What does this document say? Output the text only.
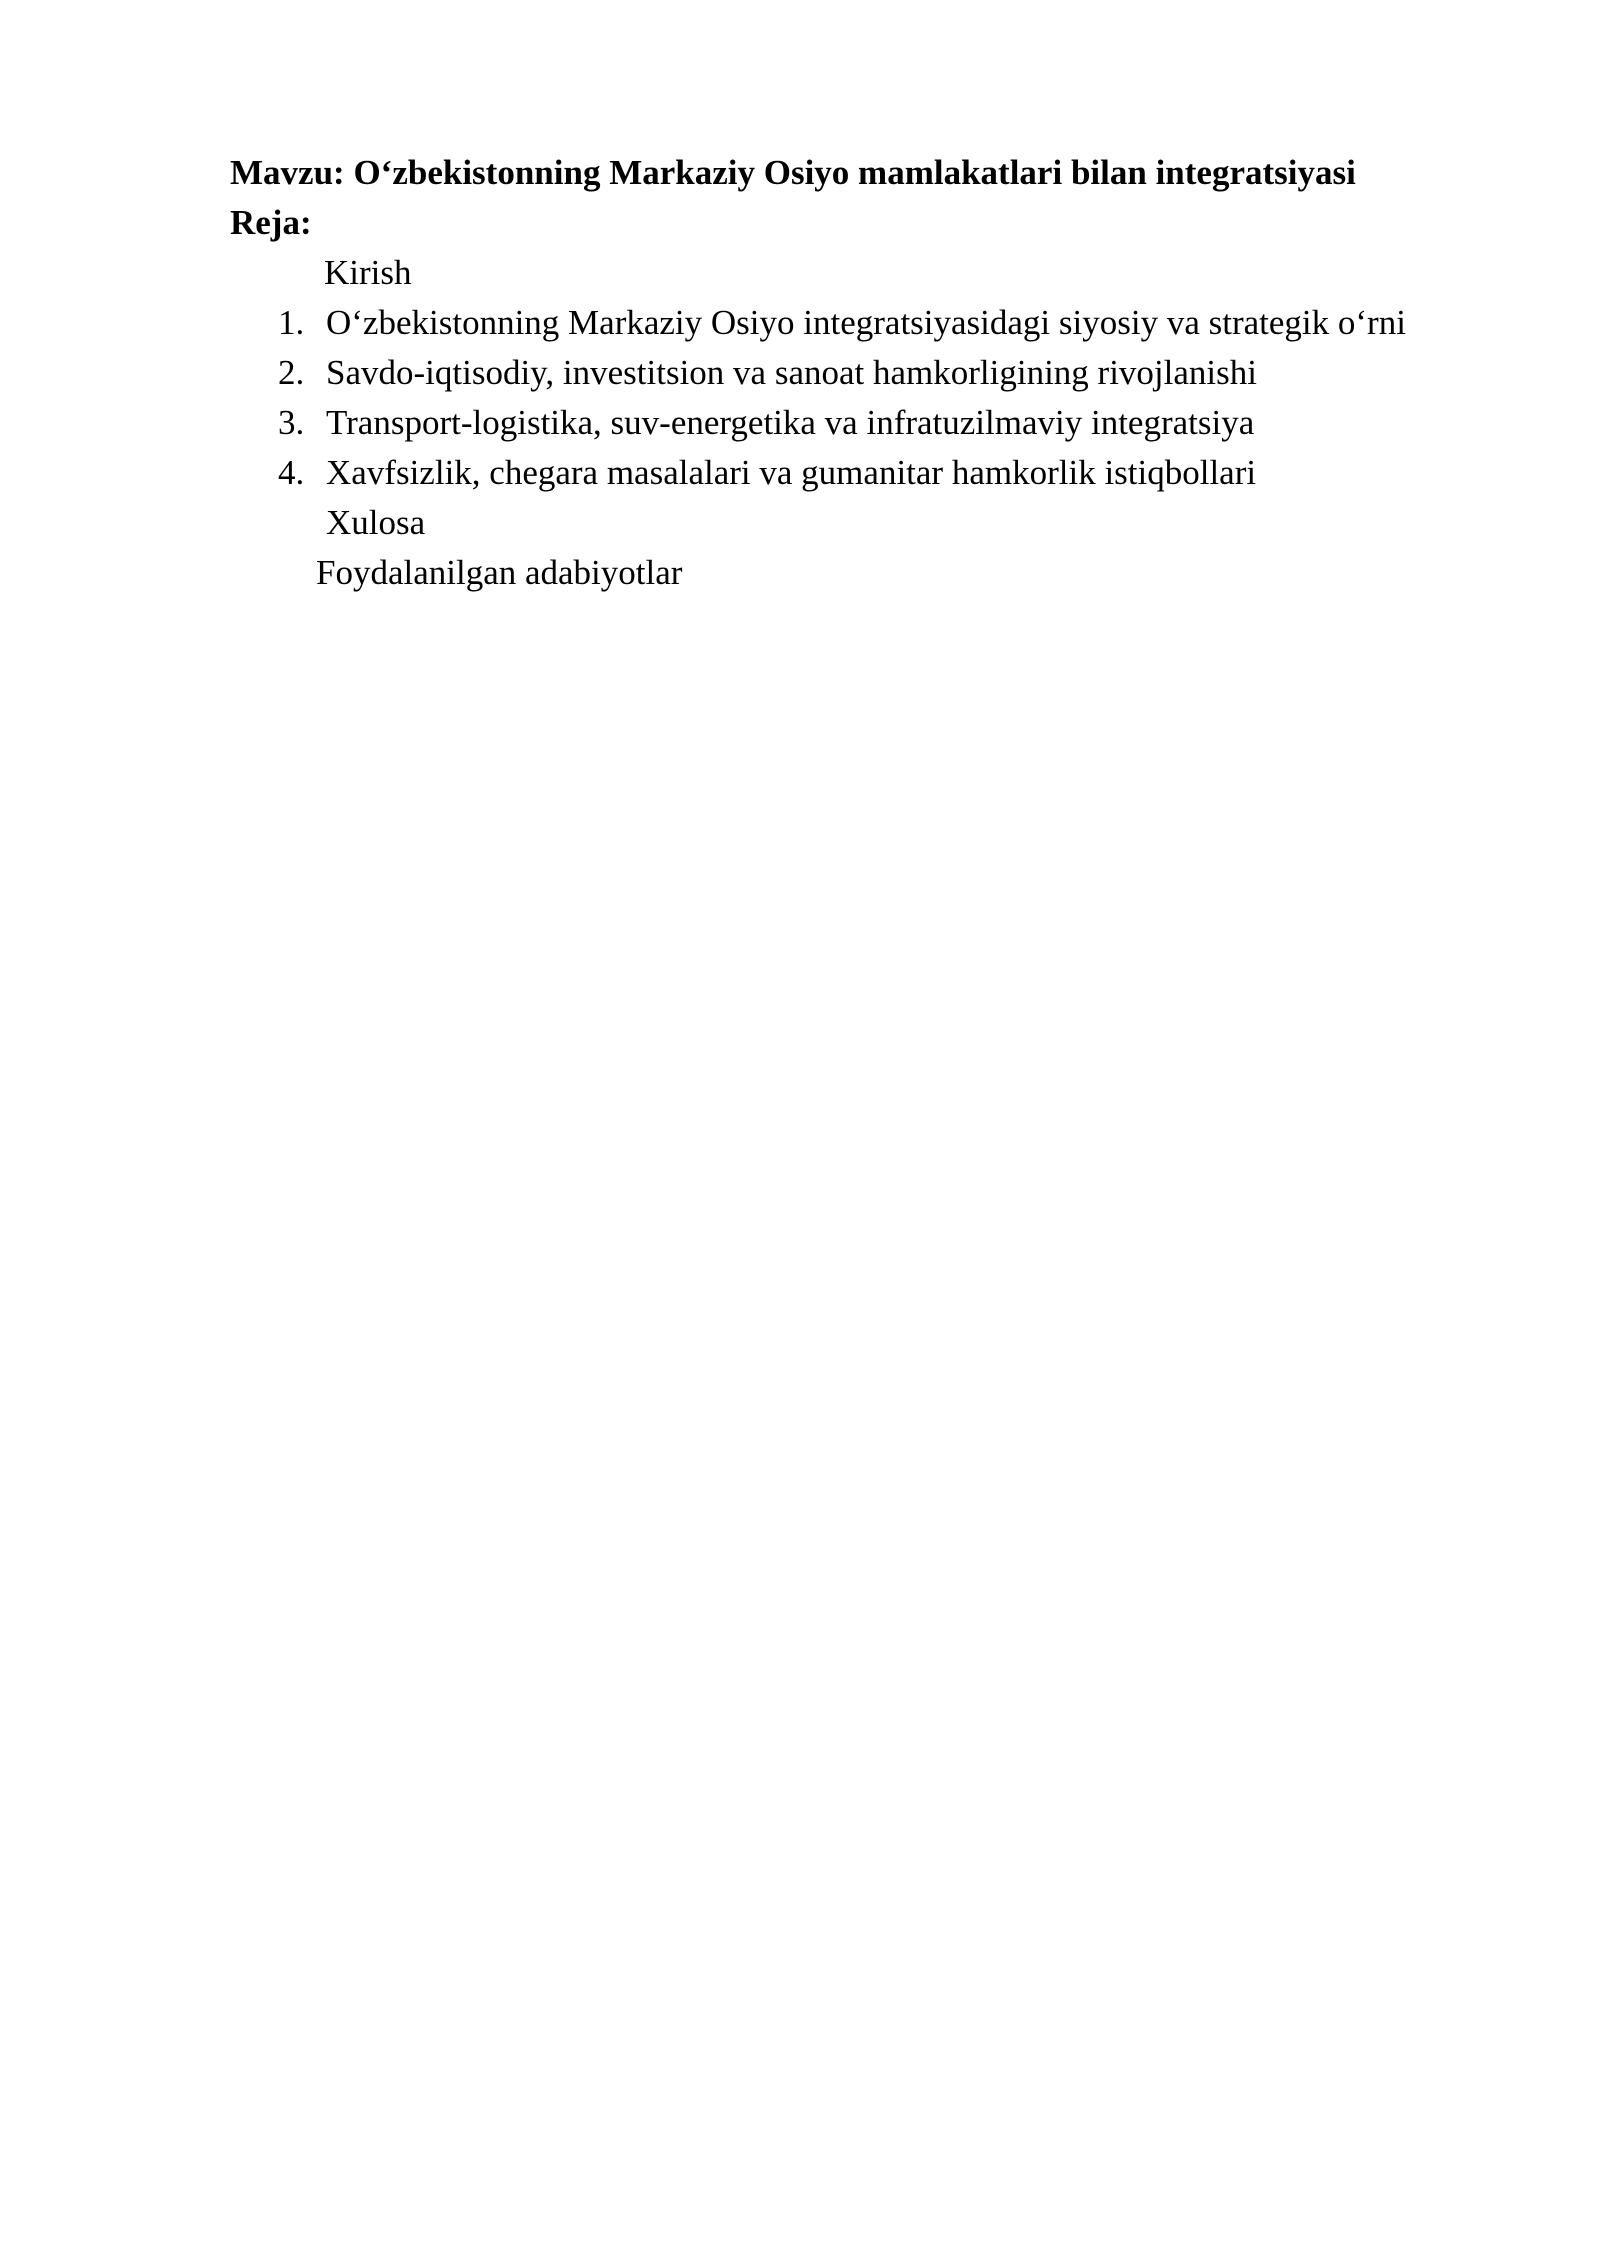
Mavzu: O‘zbekistonning Markaziy Osiyo mamlakatlari bilan integratsiyasi
Reja:
Kirish
1. O‘zbekistonning Markaziy Osiyo integratsiyasidagi siyosiy va strategik o‘rni
2. Savdo-iqtisodiy, investitsion va sanoat hamkorligining rivojlanishi
3. Transport-logistika, suv-energetika va infratuzilmaviy integratsiya
4. Xavfsizlik, chegara masalalari va gumanitar hamkorlik istiqbollari
Xulosa
Foydalanilgan adabiyotlar
